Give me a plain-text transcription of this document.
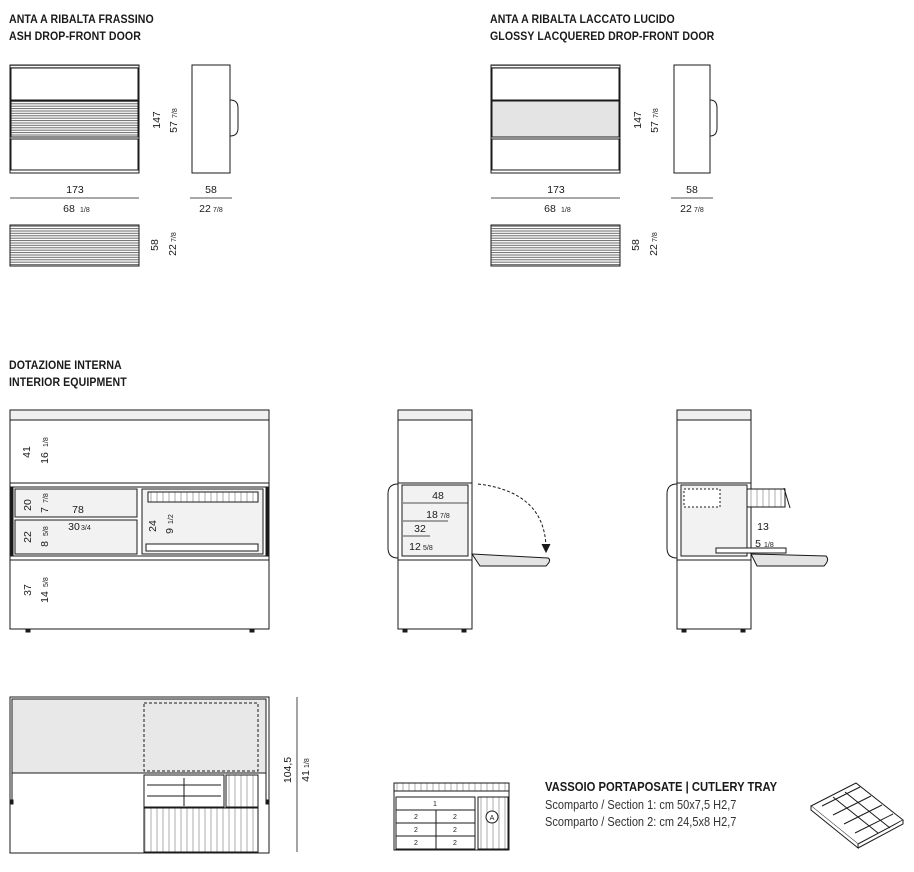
ANTA A RIBALTA FRASSINO
ASH DROP-FRONT DOOR
ANTA A RIBALTA LACCATO LUCIDO
GLOSSY LACQUERED DROP-FRONT DOOR
DOTAZIONE INTERNA
INTERIOR EQUIPMENT
VASSOIO PORTAPOSATE | CUTLERY TRAY
Scomparto / Section 1: cm 50x7,5 H2,7
Scomparto / Section 2: cm 24,5x8 H2,7
173
68 1/8
58
22 7/8
147 57
7/8
58 22
7/8
173
68 1/8
58
22 7/8
147 57
7/8
58 22
7/8
41
16
1/8
20 7
7/8
22
8
5/8
78
30 3/4	24 9
1/2
37
14
5/8
48
18 7/8
32
12 5/8
13
5 1/8
104,5 41
1/8
1
2	2
2	2
2	2
A
